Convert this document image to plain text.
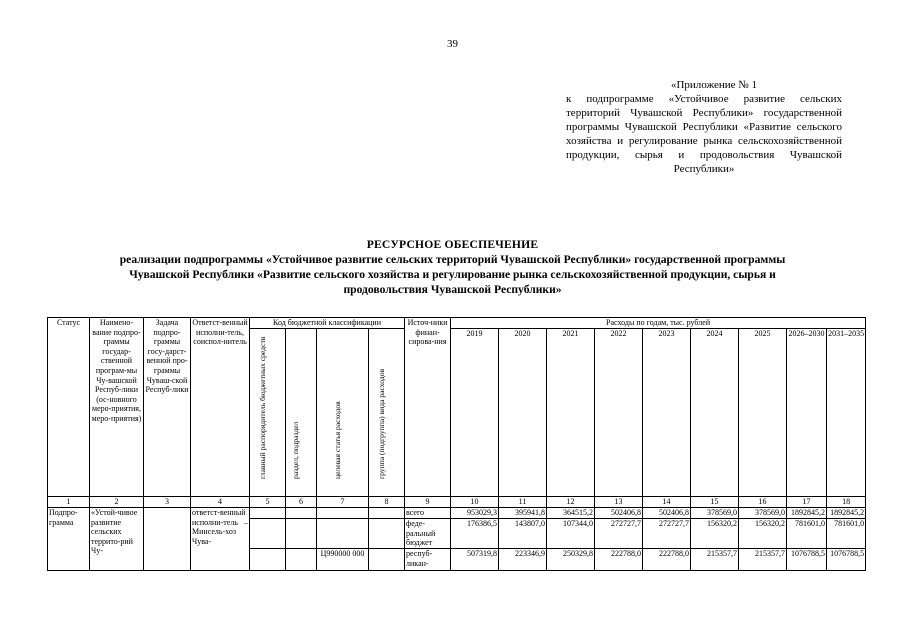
39
«Приложение № 1
к подпрограмме «Устойчивое развитие сельских территорий Чувашской Республики» государственной программы Чувашской Республики «Развитие сельского хозяйства и регулирование рынка сельскохозяйственной продукции, сырья и продовольствия Чувашской Республики»
РЕСУРСНОЕ ОБЕСПЕЧЕНИЕ
реализации подпрограммы «Устойчивое развитие сельских территорий Чувашской Республики» государственной программы Чувашской Республики «Развитие сельского хозяйства и регулирование рынка сельскохозяйственной продукции, сырья и продовольствия Чувашской Республики»
Статус	Наимено-вание подпро-граммы государ-ственной програм-мы Чу-вашской Респуб-лики (ос-новного меро-приятия, меро-приятия)	Задача подпро-граммы госу-дарст-венной про-граммы Чуваш-ской Респуб-лики	Ответст-венный исполни-тель, соиспол-нитель	Код бюджетной классификации				Источ-ники финан-сирова-ния	Расходы по годам, тыс. рублей								

				главный распорядитель бюджетных средств	раздел, подраздел	целевая статья расходов	группа (подгруппа) вида расходов		2019	2020	2021	2022	2023	2024	2025	2026–2030	2031–2035
1	2	3	4	5	6	7	8	9	10	11	12	13	14	15	16	17	18
Подпро-грамма	«Устой-чивое развитие сельских террито-рий Чу-		ответст-венный исполни-тель – Минсель-хоз Чува-					всего	953029,3	395941,8	364515,2	502406,8	502406,8	378569,0	378569,0	1892845,2	1892845,2
								феде-ральный бюджет	176386,5	143807,0	107344,0	272727,7	272727,7	156320,2	156320,2	781601,0	781601,0
						Ц990000 000		респуб-ликан-	507319,8	223346,9	250329,8	222788,0	222788,0	215357,7	215357,7	1076788,5	1076788,5
